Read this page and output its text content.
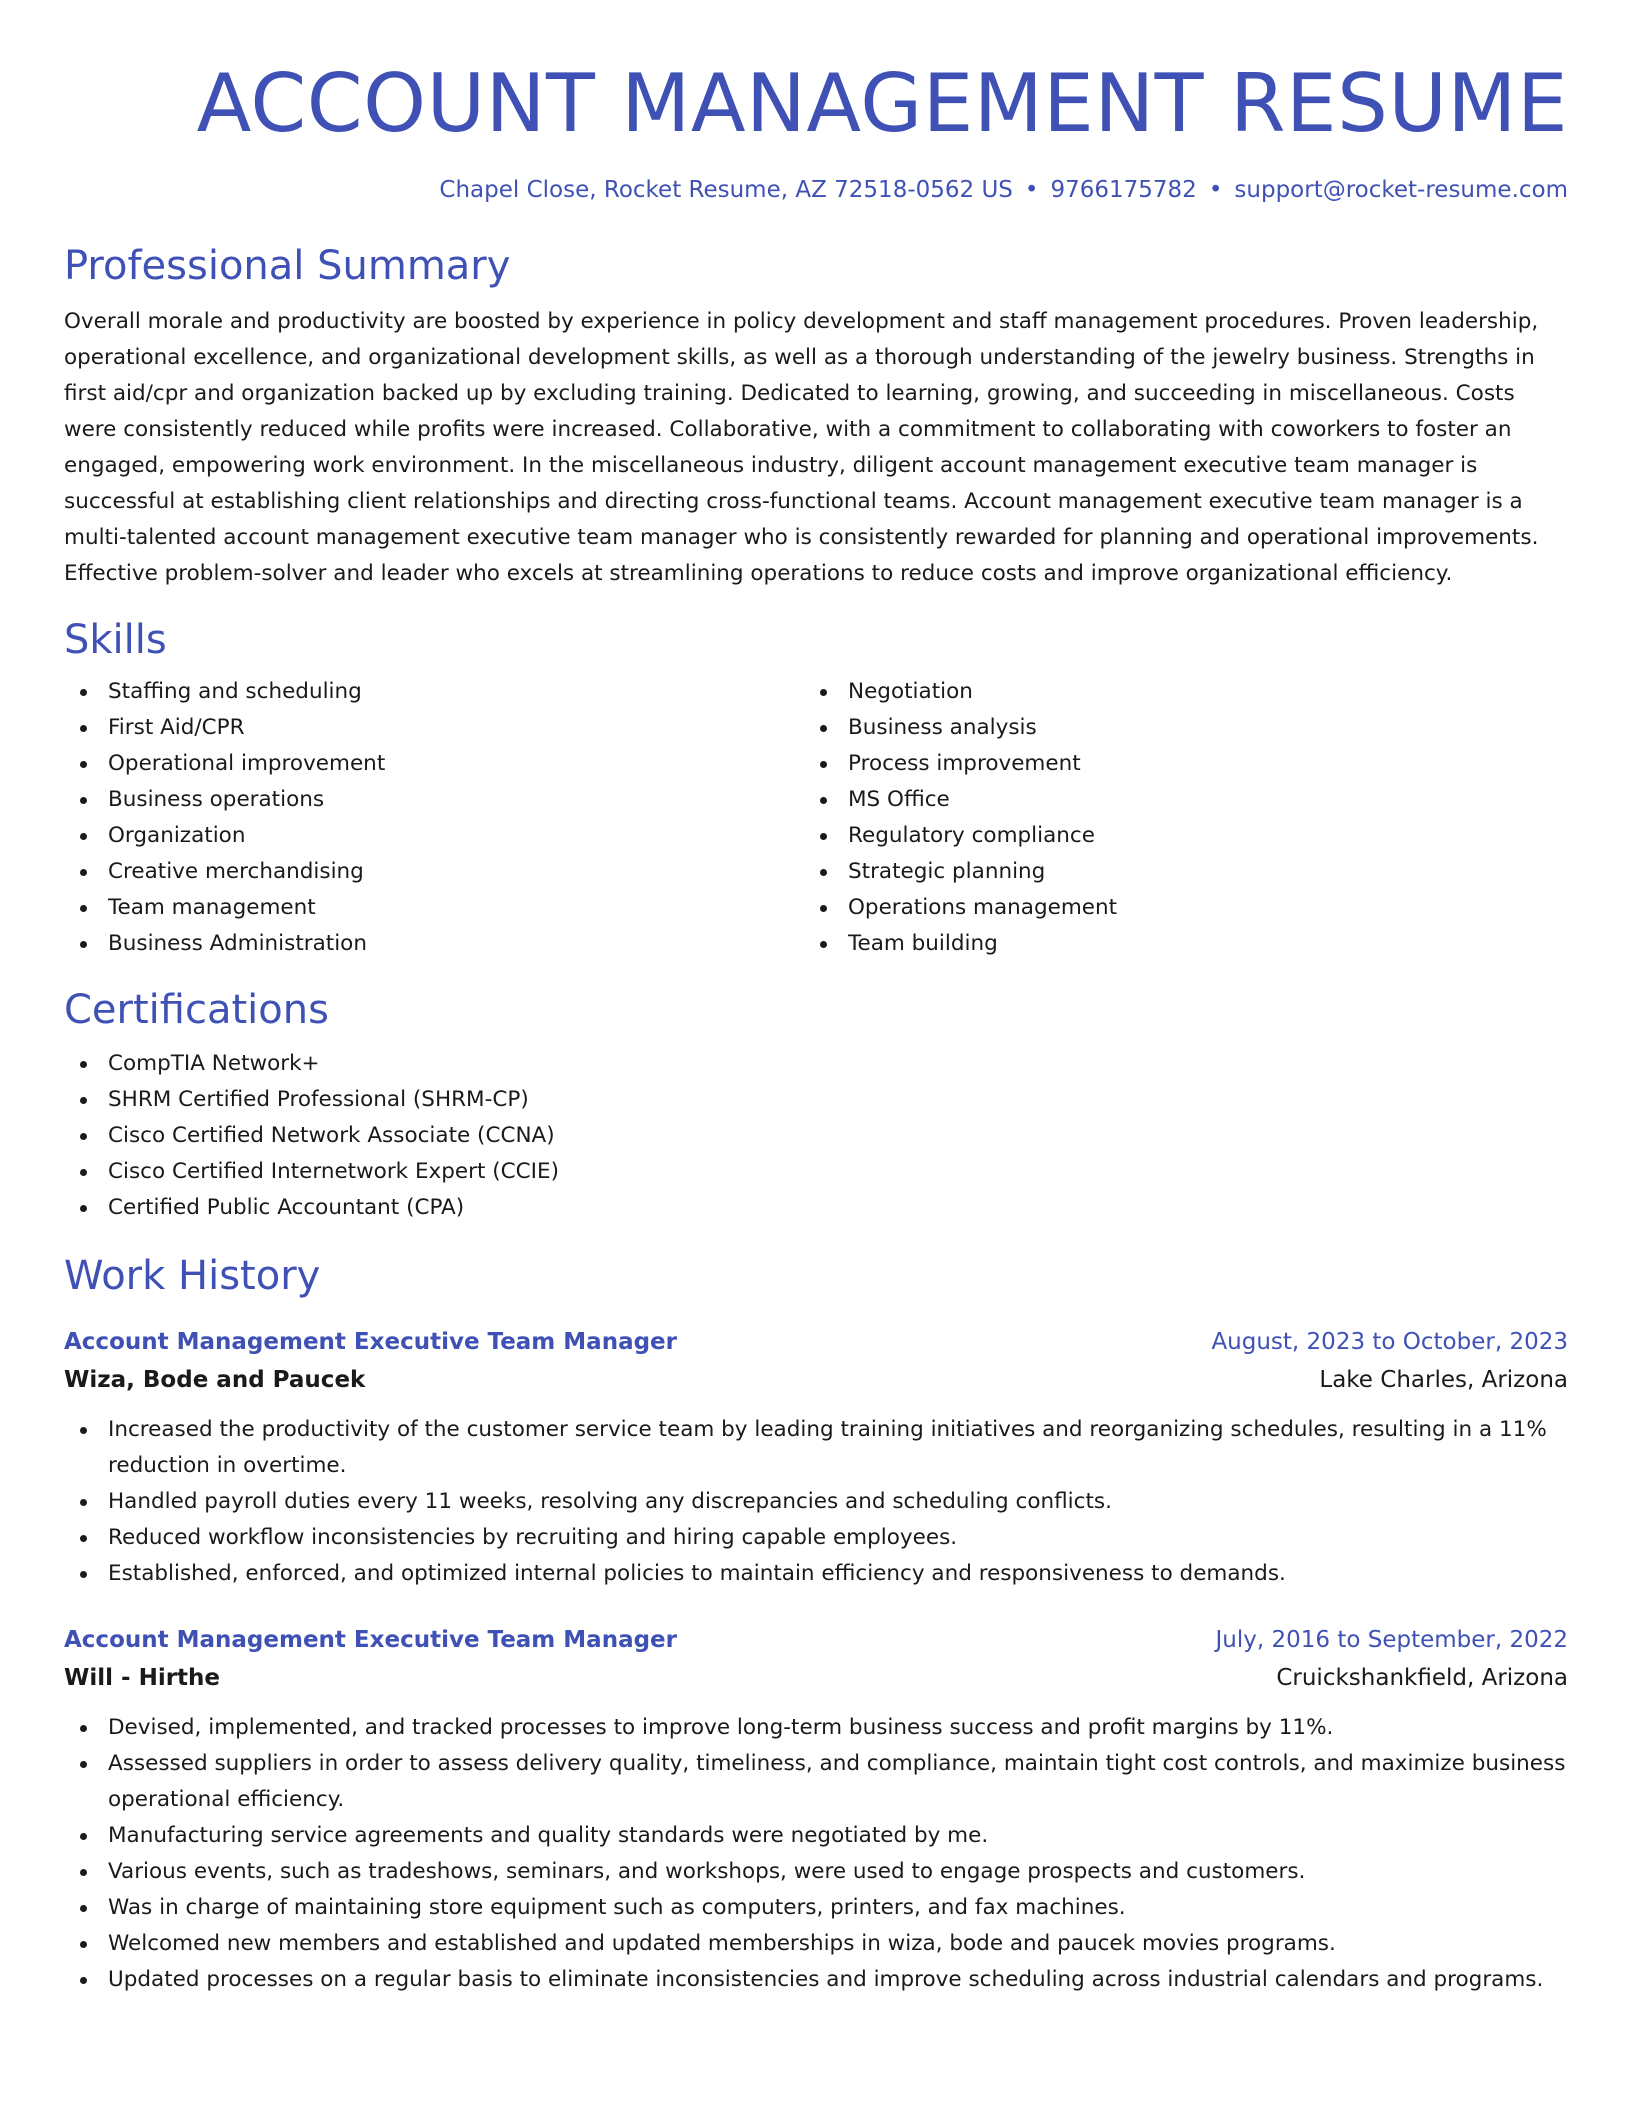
ACCOUNT MANAGEMENT RESUME
Chapel Close, Rocket Resume, AZ 72518-0562 US • 9766175782 • support@rocket-resume.com
Professional Summary

Overall morale and productivity are boosted by experience in policy development and staff management procedures. Proven leadership, operational excellence, and organizational development skills, as well as a thorough understanding of the jewelry business. Strengths in first aid/cpr and organization backed up by excluding training. Dedicated to learning, growing, and succeeding in miscellaneous. Costs were consistently reduced while profits were increased. Collaborative, with a commitment to collaborating with coworkers to foster an engaged, empowering work environment. In the miscellaneous industry, diligent account management executive team manager is successful at establishing client relationships and directing cross-functional teams. Account management executive team manager is a multi-talented account management executive team manager who is consistently rewarded for planning and operational improvements. Effective problem-solver and leader who excels at streamlining operations to reduce costs and improve organizational efficiency.

Skills
Staffing and scheduling
First Aid/CPR
Operational improvement
Business operations
Organization
Creative merchandising
Team management
Business Administration
Negotiation
Business analysis
Process improvement
MS Office
Regulatory compliance
Strategic planning
Operations management
Team building
Certifications
CompTIA Network+
SHRM Certified Professional (SHRM-CP)
Cisco Certified Network Associate (CCNA)
Cisco Certified Internetwork Expert (CCIE)
Certified Public Accountant (CPA)
Work History
Account Management Executive Team Manager	August, 2023 to October, 2023
Wiza, Bode and Paucek	Lake Charles, Arizona
Increased the productivity of the customer service team by leading training initiatives and reorganizing schedules, resulting in a 11% reduction in overtime.
Handled payroll duties every 11 weeks, resolving any discrepancies and scheduling conflicts.
Reduced workflow inconsistencies by recruiting and hiring capable employees.
Established, enforced, and optimized internal policies to maintain efficiency and responsiveness to demands.
Account Management Executive Team Manager	July, 2016 to September, 2022
Will - Hirthe	Cruickshankfield, Arizona
Devised, implemented, and tracked processes to improve long-term business success and profit margins by 11%.
Assessed suppliers in order to assess delivery quality, timeliness, and compliance, maintain tight cost controls, and maximize business operational efficiency.
Manufacturing service agreements and quality standards were negotiated by me.
Various events, such as tradeshows, seminars, and workshops, were used to engage prospects and customers.
Was in charge of maintaining store equipment such as computers, printers, and fax machines.
Welcomed new members and established and updated memberships in wiza, bode and paucek movies programs.
Updated processes on a regular basis to eliminate inconsistencies and improve scheduling across industrial calendars and programs.
